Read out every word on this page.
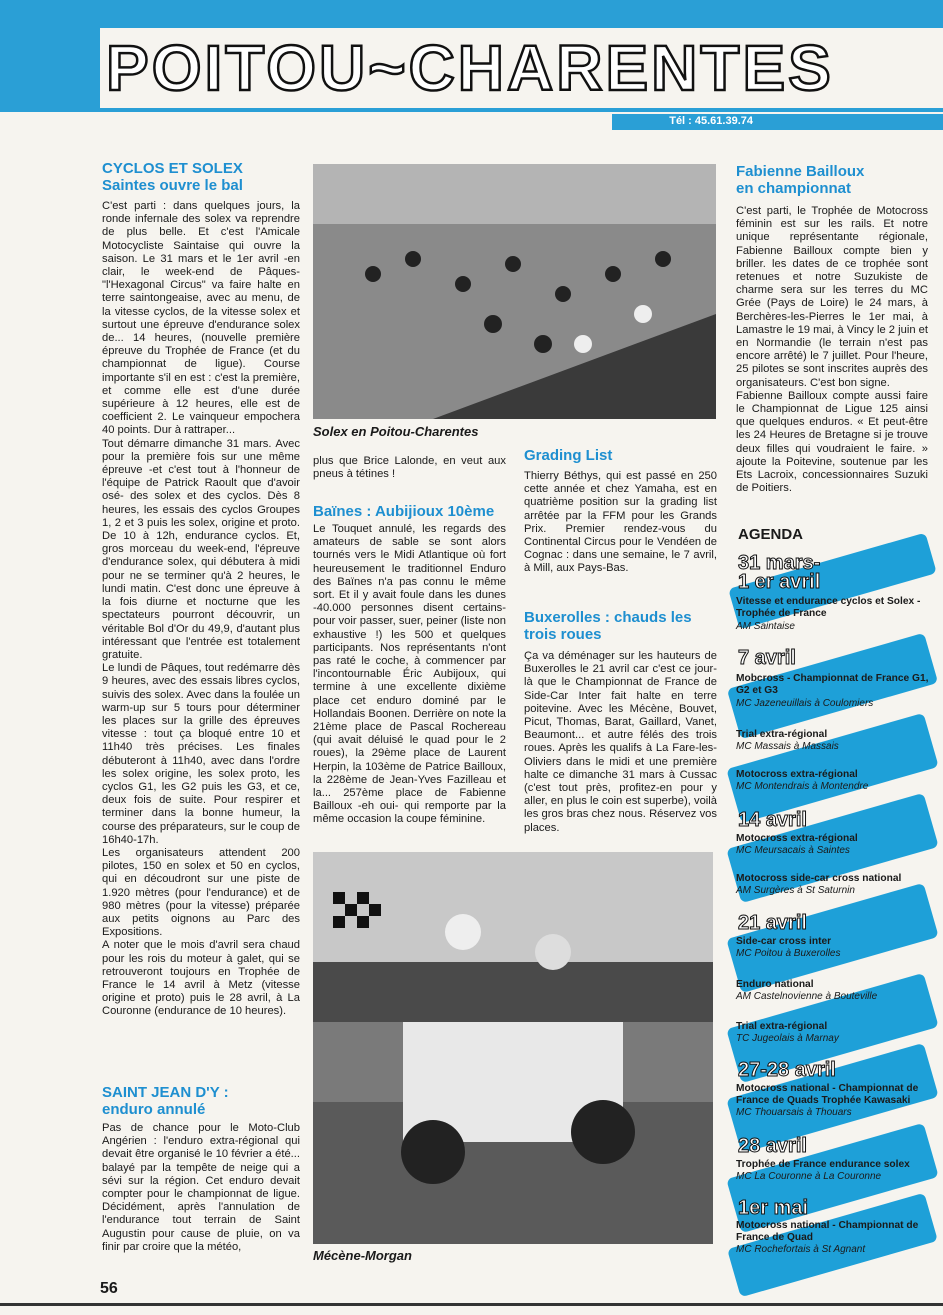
POITOU~CHARENTES
Tél : 45.61.39.74
CYCLOS ET SOLEX
Saintes ouvre le bal

C'est parti : dans quelques jours, la ronde infernale des solex va reprendre de plus belle. Et c'est l'Amicale Motocycliste Saintaise qui ouvre la saison. Le 31 mars et le 1er avril -en clair, le week-end de Pâques- "l'Hexagonal Circus" va faire halte en terre saintongeaise, avec au menu, de la vitesse cyclos, de la vitesse solex et surtout une épreuve d'endurance solex de... 14 heures, (nouvelle première épreuve du Trophée de France (et du championnat de ligue). Course importante s'il en est : c'est la première, et comme elle est d'une durée supérieure à 12 heures, elle est de coefficient 2. Le vainqueur empochera 40 points. Dur à rattraper...

Tout démarre dimanche 31 mars. Avec pour la première fois sur une même épreuve -et c'est tout à l'honneur de l'équipe de Patrick Raoult que d'avoir osé- des solex et des cyclos. Dès 8 heures, les essais des cyclos Groupes 1, 2 et 3 puis les solex, origine et proto. De 10 à 12h, endurance cyclos. Et, gros morceau du week-end, l'épreuve d'endurance solex, qui débutera à midi pour ne se terminer qu'à 2 heures, le lundi matin. C'est donc une épreuve à la fois diurne et nocturne que les spectateurs pourront découvrir, un véritable Bol d'Or du 49,9, d'autant plus intéressant que l'entrée est totalement gratuite.

Le lundi de Pâques, tout redémarre dès 9 heures, avec des essais libres cyclos, suivis des solex. Avec dans la foulée un warm-up sur 5 tours pour déterminer les places sur la grille des épreuves vitesse : tout ça bloqué entre 10 et 11h40 très précises. Les finales débuteront à 11h40, avec dans l'ordre les solex origine, les solex proto, les cyclos G1, les G2 puis les G3, et ce, deux fois de suite. Pour respirer et terminer dans la bonne humeur, la course des préparateurs, sur le coup de 16h40-17h.

Les organisateurs attendent 200 pilotes, 150 en solex et 50 en cyclos, qui en découdront sur une piste de 1.920 mètres (pour l'endurance) et de 980 mètres (pour la vitesse) préparée aux petits oignons au Parc des Expositions.

A noter que le mois d'avril sera chaud pour les rois du moteur à galet, qui se retrouveront toujours en Trophée de France le 14 avril à Metz (vitesse origine et proto) puis le 28 avril, à La Couronne (endurance de 10 heures).

SAINT JEAN D'Y :
enduro annulé

Pas de chance pour le Moto-Club Angérien : l'enduro extra-régional qui devait être organisé le 10 février a été... balayé par la tempête de neige qui a sévi sur la région. Cet enduro devait compter pour le championnat de ligue. Décidément, après l'annulation de l'endurance tout terrain de Saint Augustin pour cause de pluie, on va finir par croire que la météo,

Solex en Poitou-Charentes

plus que Brice Lalonde, en veut aux pneus à tétines !

Baïnes : Aubijioux 10ème

Le Touquet annulé, les regards des amateurs de sable se sont alors tournés vers le Midi Atlantique où fort heureusement le traditionnel Enduro des Baïnes n'a pas connu le même sort. Et il y avait foule dans les dunes -40.000 personnes disent certains- pour voir passer, suer, peiner (liste non exhaustive !) les 500 et quelques participants. Nos représentants n'ont pas raté le coche, à commencer par l'incontournable Éric Aubijoux, qui termine à une excellente dixième place cet enduro dominé par le Hollandais Boonen. Derrière on note la 21ème place de Pascal Rochereau (qui avait déluisé le quad pour le 2 roues), la 29ème place de Laurent Herpin, la 103ème de Patrice Bailloux, la 228ème de Jean-Yves Fazilleau et la... 257ème place de Fabienne Bailloux -eh oui- qui remporte par la même occasion la coupe féminine.

Grading List

Thierry Béthys, qui est passé en 250 cette année et chez Yamaha, est en quatrième position sur la grading list arrêtée par la FFM pour les Grands Prix. Premier rendez-vous du Continental Circus pour le Vendéen de Cognac : dans une semaine, le 7 avril, à Mill, aux Pays-Bas.

Buxerolles : chauds les trois roues

Ça va déménager sur les hauteurs de Buxerolles le 21 avril car c'est ce jour-là que le Championnat de France de Side-Car Inter fait halte en terre poitevine. Avec les Mécène, Bouvet, Picut, Thomas, Barat, Gaillard, Vanet, Beaumont... et autre félés des trois roues. Après les qualifs à La Fare-les-Oliviers dans le midi et une première halte ce dimanche 31 mars à Cussac (c'est tout près, profitez-en pour y aller, en plus le coin est superbe), voilà les gros bras chez nous. Réservez vos places.

Mécène-Morgan
Fabienne Bailloux
en championnat

C'est parti, le Trophée de Motocross féminin est sur les rails. Et notre unique représentante régionale, Fabienne Bailloux compte bien y briller. les dates de ce trophée sont retenues et notre Suzukiste de charme sera sur les terres du MC Grée (Pays de Loire) le 24 mars, à Berchères-les-Pierres le 1er mai, à Lamastre le 19 mai, à Vincy le 2 juin et en Normandie (le terrain n'est pas encore arrêté) le 7 juillet. Pour l'heure, 25 pilotes se sont inscrites auprès des organisateurs. C'est bon signe.

Fabienne Bailloux compte aussi faire le Championnat de Ligue 125 ainsi que quelques enduros. « Et peut-être les 24 Heures de Bretagne si je trouve deux filles qui voudraient le faire. » ajoute la Poitevine, soutenue par les Ets Lacroix, concessionnaires Suzuki de Poitiers.

AGENDA
31 mars-
1 er avril
Vitesse et endurance cyclos et Solex - Trophée de France
AM Saintaise
7 avril
Mobcross - Championnat de France G1, G2 et G3
MC Jazeneuillais à Coulomiers
Trial extra-régional
MC Massais à Massais
Motocross extra-régional
MC Montendrais à Montendre
14 avril
Motocross extra-régional
MC Meursacais à Saintes
Motocross side-car cross national
AM Surgères à St Saturnin
21 avril
Side-car cross inter
MC Poitou à Buxerolles
Enduro national
AM Castelnovienne à Bouteville
Trial extra-régional
TC Jugeolais à Marnay
27-28 avril
Motocross national - Championnat de France de Quads Trophée Kawasaki
MC Thouarsais à Thouars
28 avril
Trophée de France endurance solex
MC La Couronne à La Couronne
1er mai
Motocross national - Championnat de France de Quad
MC Rochefortais à St Agnant
56
